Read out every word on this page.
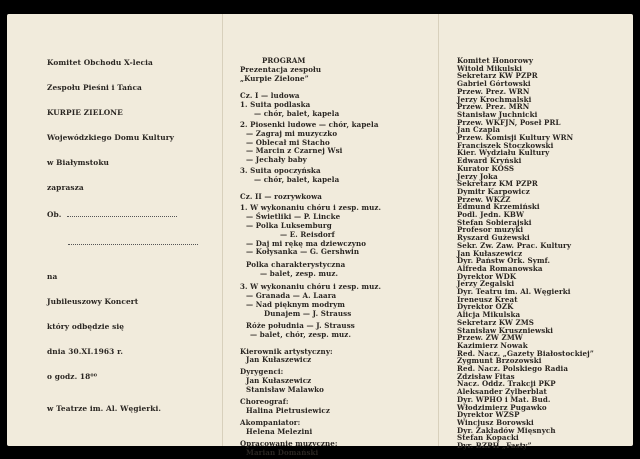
Komitet Obchodu X-lecia
Zespołu Pieśni i Tańca
KURPIE ZIELONE
Wojewódzkiego Domu Kultury
w Białymstoku
zaprasza
Ob.
na
Jubileuszowy Koncert
który odbędzie się
dnia 30.XI.1963 r.
o godz. 18⁰⁰
w Teatrze im. Al. Węgierki.
PROGRAM
Prezentacja zespołu
„Kurpie Zielone”
Cz. I — ludowa
1. Suita podlaska
— chór, balet, kapela
2. Piosenki ludowe — chór, kapela
— Zagraj mi muzyczko
— Oblecał mi Stacho
— Marcin z Czarnej Wsi
— Jechały baby
3. Suita opoczyńska
— chór, balet, kapela
Cz. II — rozrywkowa
1. W wykonaniu chóru i zesp. muz.
— Świetliki — P. Lincke
— Polka Luksemburg
— E. Reisdorf
— Daj mi rękę ma dziewczyno
— Kołysanka — G. Gershwin
Polka charakterystyczna
— balet, zesp. muz.
3. W wykonaniu chóru i zesp. muz.
— Granada — A. Laara
— Nad pięknym modrym
Dunajem — J. Strauss
Róże południa — J. Strauss
— balet, chór, zesp. muz.
Kierownik artystyczny:
Jan Kułaszewicz
Dyrygenci:
Jan Kułaszewicz
Stanisław Malawko
Choreograf:
Halina Pietrusiewicz
Akompaniator:
Helena Melezini
Opracowanie muzyczne:
Marian Domański
Komitet Honorowy
Witold Mikulski
Sekretarz KW PZPR
Gabriel Górtowski
Przew. Prez. WRN
Jerzy Krochmalski
Przew. Prez. MRN
Stanisław Juchnicki
Przew. WKFJN, Poseł PRL
Jan Czapla
Przew. Komisji Kultury WRN
Franciszek Stoczkowski
Kier. Wydziału Kultury
Edward Kryński
Kurator KOSS
Jerzy Joka
Sekretarz KM PZPR
Dymitr Karpowicz
Przew. WKZZ
Edmund Krzemiński
Podl. Jedn. KBW
Stefan Sobierajski
Profesor muzyki
Ryszard Gużewski
Sekr. Zw. Zaw. Prac. Kultury
Jan Kułaszewicz
Dyr. Państw Ork. Symf.
Alfreda Romanowska
Dyrektor WDK
Jerzy Zegalski
Dyr. Teatru im. Al. Węgierki
Ireneusz Kreat
Dyrektor OZK
Alicja Mikulska
Sekretarz KW ZMS
Stanisław Kruszniewski
Przew. ZW ZMW
Kazimierz Nowak
Red. Nacz. „Gazety Białostockiej”
Zygmunt Brzozowski
Red. Nacz. Polskiego Radia
Zdzisław Fitas
Nacz. Oddz. Trakcji PKP
Aleksander Zylberblat
Dyr. WPHO i Mat. Bud.
Włodzimierz Pugawko
Dyrektor WZSP
Wincjusz Borowski
Dyr. Zakładów Mięsnych
Stefan Kopacki
Dyr. BZPH „Fasty”
